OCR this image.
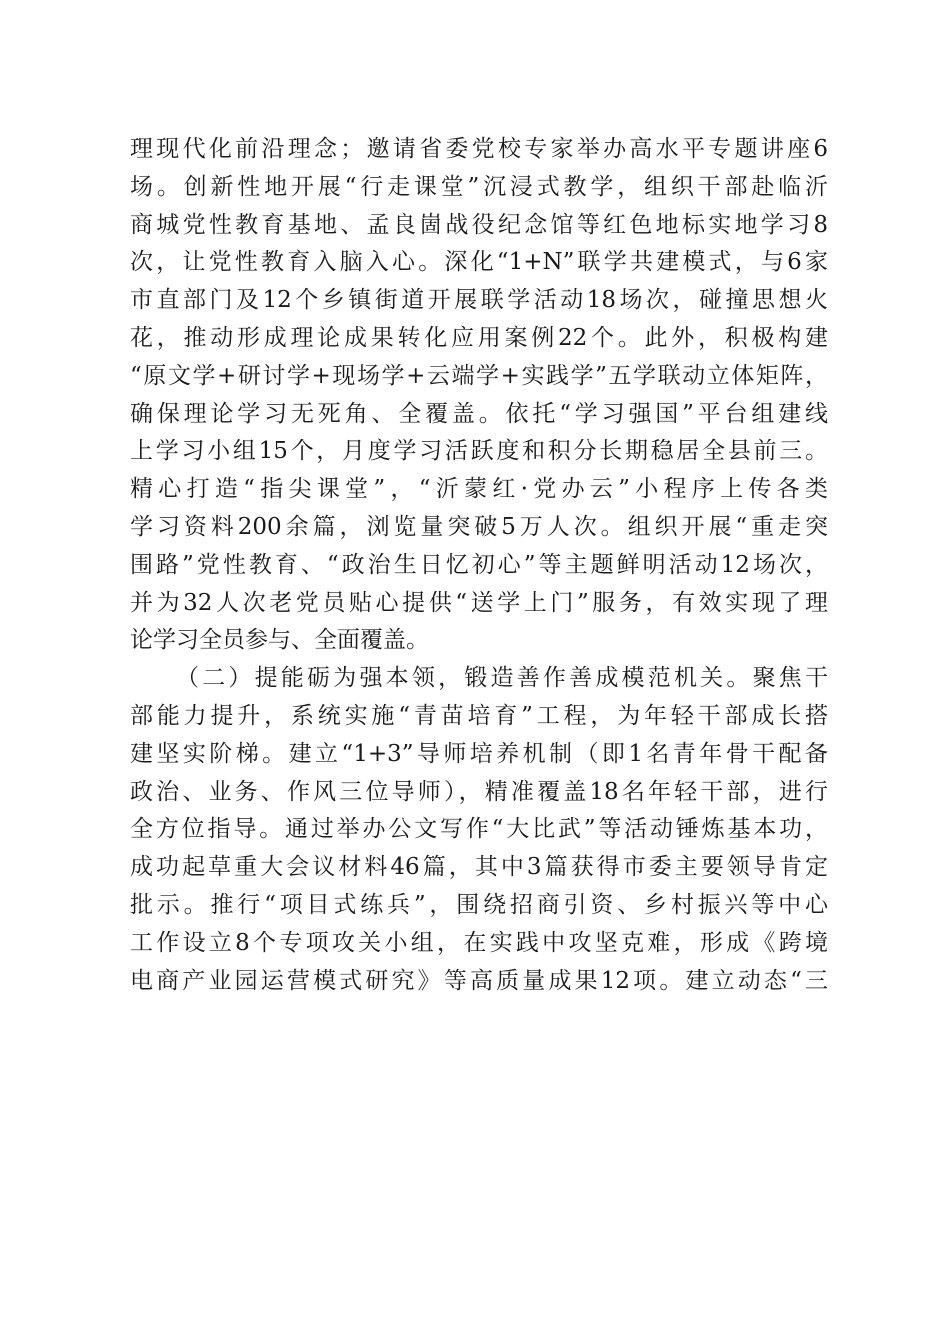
理现代化前沿理念；邀请省委党校专家举办高水平专题讲座6
场。创新性地开展“行走课堂”沉浸式教学，组织干部赴临沂
商城党性教育基地、孟良崮战役纪念馆等红色地标实地学习8
次，让党性教育入脑入心。深化“1+N”联学共建模式，与6家
市直部门及12个乡镇街道开展联学活动18场次，碰撞思想火
花，推动形成理论成果转化应用案例22个。此外，积极构建
“原文学+研讨学+现场学+云端学+实践学”五学联动立体矩阵，
确保理论学习无死角、全覆盖。依托“学习强国”平台组建线
上学习小组15个，月度学习活跃度和积分长期稳居全县前三。
精心打造“指尖课堂”，“沂蒙红·党办云”小程序上传各类
学习资料200余篇，浏览量突破5万人次。组织开展“重走突
围路”党性教育、“政治生日忆初心”等主题鲜明活动12场次，
并为32人次老党员贴心提供“送学上门”服务，有效实现了理
论学习全员参与、全面覆盖。
（二）提能砺为强本领，锻造善作善成模范机关。聚焦干
部能力提升，系统实施“青苗培育”工程，为年轻干部成长搭
建坚实阶梯。建立“1+3”导师培养机制（即1名青年骨干配备
政治、业务、作风三位导师），精准覆盖18名年轻干部，进行
全方位指导。通过举办公文写作“大比武”等活动锤炼基本功，
成功起草重大会议材料46篇，其中3篇获得市委主要领导肯定
批示。推行“项目式练兵”，围绕招商引资、乡村振兴等中心
工作设立8个专项攻关小组，在实践中攻坚克难，形成《跨境
电商产业园运营模式研究》等高质量成果12项。建立动态“三
